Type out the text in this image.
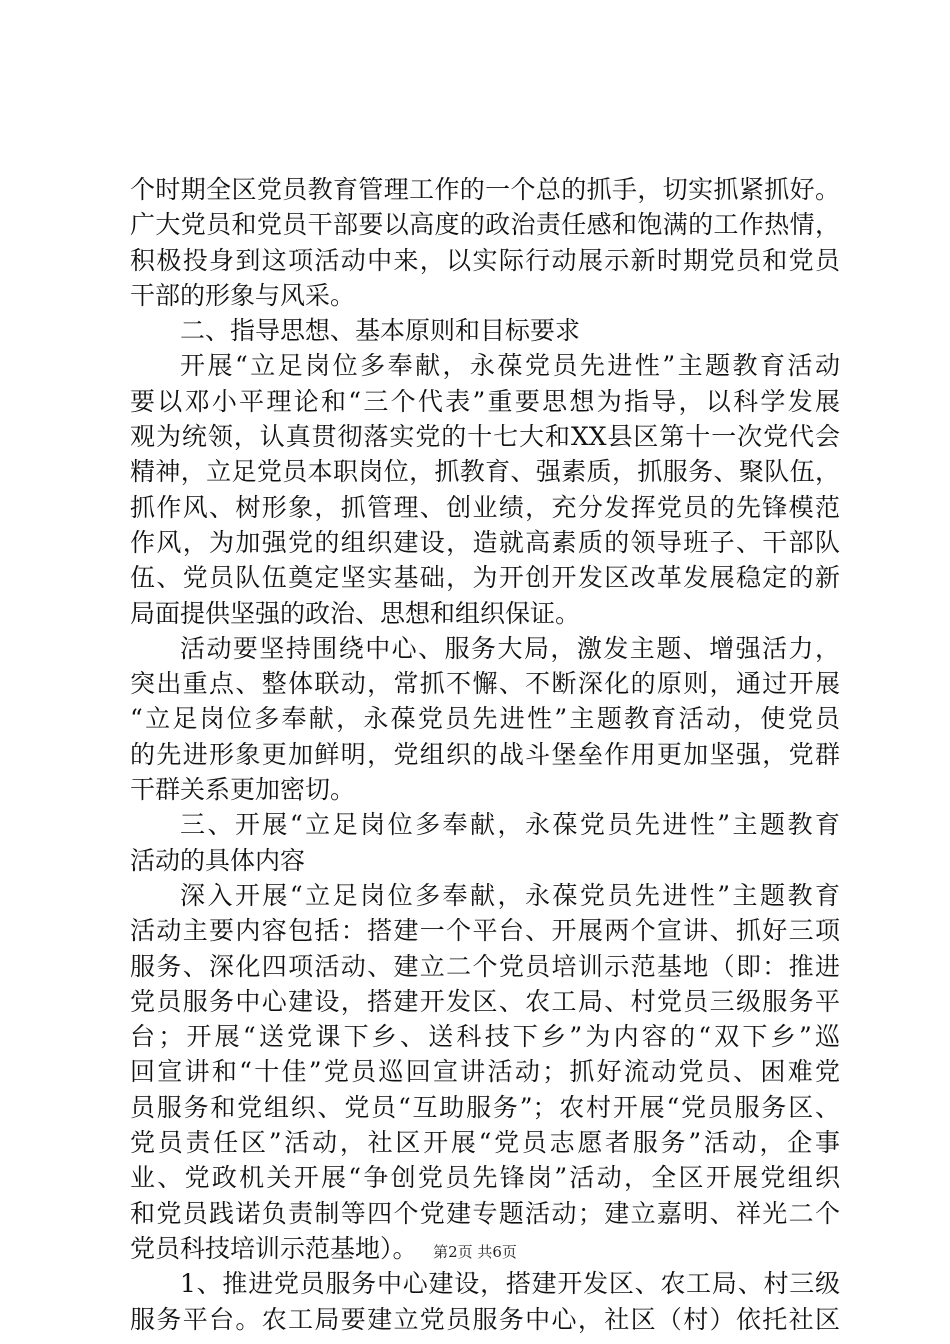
个时期全区党员教育管理工作的一个总的抓手，切实抓紧抓好。
广大党员和党员干部要以高度的政治责任感和饱满的工作热情，
积极投身到这项活动中来，以实际行动展示新时期党员和党员
干部的形象与风采。
二、指导思想、基本原则和目标要求
开展“立足岗位多奉献，永葆党员先进性”主题教育活动
要以邓小平理论和“三个代表”重要思想为指导，以科学发展
观为统领，认真贯彻落实党的十七大和XX县区第十一次党代会
精神，立足党员本职岗位，抓教育、强素质，抓服务、聚队伍，
抓作风、树形象，抓管理、创业绩，充分发挥党员的先锋模范
作风，为加强党的组织建设，造就高素质的领导班子、干部队
伍、党员队伍奠定坚实基础，为开创开发区改革发展稳定的新
局面提供坚强的政治、思想和组织保证。
活动要坚持围绕中心、服务大局，激发主题、增强活力，
突出重点、整体联动，常抓不懈、不断深化的原则，通过开展
“立足岗位多奉献，永葆党员先进性”主题教育活动，使党员
的先进形象更加鲜明，党组织的战斗堡垒作用更加坚强，党群
干群关系更加密切。
三、开展“立足岗位多奉献，永葆党员先进性”主题教育
活动的具体内容
深入开展“立足岗位多奉献，永葆党员先进性”主题教育
活动主要内容包括：搭建一个平台、开展两个宣讲、抓好三项
服务、深化四项活动、建立二个党员培训示范基地（即：推进
党员服务中心建设，搭建开发区、农工局、村党员三级服务平
台；开展“送党课下乡、送科技下乡”为内容的“双下乡”巡
回宣讲和“十佳”党员巡回宣讲活动；抓好流动党员、困难党
员服务和党组织、党员“互助服务”；农村开展“党员服务区、
党员责任区”活动，社区开展“党员志愿者服务”活动，企事
业、党政机关开展“争创党员先锋岗”活动，全区开展党组织
和党员践诺负责制等四个党建专题活动；建立嘉明、祥光二个
党员科技培训示范基地）。
1、推进党员服务中心建设，搭建开发区、农工局、村三级
服务平台。农工局要建立党员服务中心，社区（村）依托社区
第2页 共6页
